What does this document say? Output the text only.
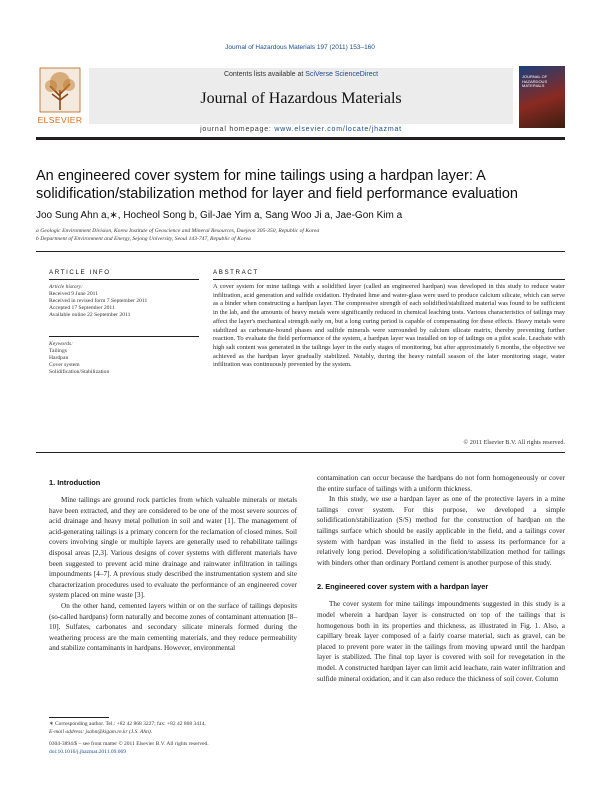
Journal of Hazardous Materials 197 (2011) 153–160
ELSEVIER
Contents lists available at SciVerse ScienceDirect
Journal of Hazardous Materials
JOURNAL OF HAZARDOUS MATERIALS
journal homepage: www.elsevier.com/locate/jhazmat
An engineered cover system for mine tailings using a hardpan layer: A solidification/stabilization method for layer and field performance evaluation
Joo Sung Ahn a,∗, Hocheol Song b, Gil-Jae Yim a, Sang Woo Ji a, Jae-Gon Kim a
a Geologic Environment Division, Korea Institute of Geoscience and Mineral Resources, Daejeon 305-350, Republic of Korea
b Department of Environment and Energy, Sejong University, Seoul 143-747, Republic of Korea
ARTICLE INFO
Article history:
Received 9 June 2011
Received in revised form 7 September 2011
Accepted 17 September 2011
Available online 22 September 2011
Keywords:
Tailings
Hardpan
Cover system
Solidification/Stabilization
ABSTRACT
A cover system for mine tailings with a solidified layer (called an engineered hardpan) was developed in this study to reduce water infiltration, acid generation and sulfide oxidation. Hydrated lime and water-glass were used to produce calcium silicate, which can serve as a binder when constructing a hardpan layer. The compressive strength of each solidified/stabilized material was found to be sufficient in the lab, and the amounts of heavy metals were significantly reduced in chemical leaching tests. Various characteristics of tailings may affect the layer's mechanical strength early on, but a long curing period is capable of compensating for these effects. Heavy metals were stabilized as carbonate-bound phases and sulfide minerals were surrounded by calcium silicate matrix, thereby preventing further reaction. To evaluate the field performance of the system, a hardpan layer was installed on top of tailings on a pilot scale. Leachate with high salt content was generated in the tailings layer in the early stages of monitoring, but after approximately 6 months, the objective we achieved as the hardpan layer gradually stabilized. Notably, during the heavy rainfall season of the later monitoring stage, water infiltration was continuously prevented by the system.
© 2011 Elsevier B.V. All rights reserved.
1. Introduction

Mine tailings are ground rock particles from which valuable minerals or metals have been extracted, and they are considered to be one of the most severe sources of acid drainage and heavy metal pollution in soil and water [1]. The management of acid-generating tailings is a primary concern for the reclamation of closed mines. Soil covers involving single or multiple layers are generally used to rehabilitate tailings disposal areas [2,3]. Various designs of cover systems with different materials have been suggested to prevent acid mine drainage and rainwater infiltration in tailings impoundments [4–7]. A previous study described the instrumentation system and site characterization procedures used to evaluate the performance of an engineered cover system placed on mine waste [3].

On the other hand, cemented layers within or on the surface of tailings deposits (so-called hardpans) form naturally and become zones of contaminant attenuation [8–10]. Sulfates, carbonates and secondary silicate minerals formed during the weathering process are the main cementing materials, and they reduce permeability and stabilize contaminants in hardpans. However, environmental

∗ Corresponding author. Tel.: +82 42 868 3227; fax: +82 42 868 3414.
E-mail address: jsahn@kigam.re.kr (J.S. Ahn).
0304-3894/$ – see front matter © 2011 Elsevier B.V. All rights reserved.
doi:10.1016/j.jhazmat.2011.09.069

contamination can occur because the hardpans do not form homogeneously or cover the entire surface of tailings with a uniform thickness.

In this study, we use a hardpan layer as one of the protective layers in a mine tailings cover system. For this purpose, we developed a simple solidification/stabilization (S/S) method for the construction of hardpan on the tailings surface which should be easily applicable in the field, and a tailings cover system with hardpan was installed in the field to assess its performance for a relatively long period. Developing a solidification/stabilization method for tailings with binders other than ordinary Portland cement is another purpose of this study.

2. Engineered cover system with a hardpan layer

The cover system for mine tailings impoundments suggested in this study is a model wherein a hardpan layer is constructed on top of the tailings that is homogenous both in its properties and thickness, as illustrated in Fig. 1. Also, a capillary break layer composed of a fairly coarse material, such as gravel, can be placed to prevent pore water in the tailings from moving upward until the hardpan layer is stabilized. The final top layer is covered with soil for revegetation in the model. A constructed hardpan layer can limit acid leachate, rain water infiltration and sulfide mineral oxidation, and it can also reduce the thickness of soil cover. Column
